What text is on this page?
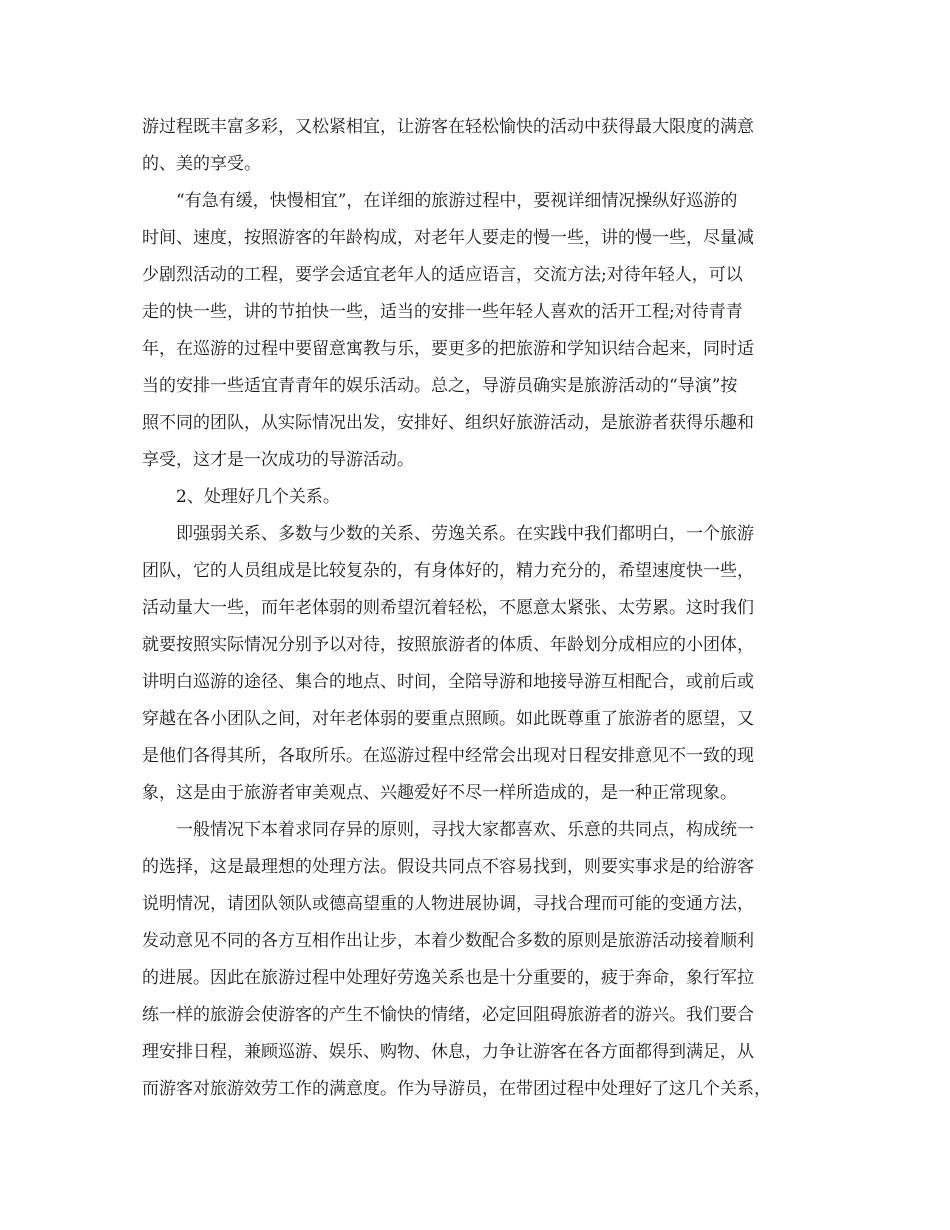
游过程既丰富多彩，又松紧相宜，让游客在轻松愉快的活动中获得最大限度的满意
的、美的享受。
“有急有缓，快慢相宜”，在详细的旅游过程中，要视详细情况操纵好巡游的
时间、速度，按照游客的年龄构成，对老年人要走的慢一些，讲的慢一些，尽量减
少剧烈活动的工程，要学会适宜老年人的适应语言，交流方法;对待年轻人，可以
走的快一些，讲的节拍快一些，适当的安排一些年轻人喜欢的活开工程;对待青青
年，在巡游的过程中要留意寓教与乐，要更多的把旅游和学知识结合起来，同时适
当的安排一些适宜青青年的娱乐活动。总之，导游员确实是旅游活动的“导演”按
照不同的团队，从实际情况出发，安排好、组织好旅游活动，是旅游者获得乐趣和
享受，这才是一次成功的导游活动。
2、处理好几个关系。
即强弱关系、多数与少数的关系、劳逸关系。在实践中我们都明白，一个旅游
团队，它的人员组成是比较复杂的，有身体好的，精力充分的，希望速度快一些，
活动量大一些，而年老体弱的则希望沉着轻松，不愿意太紧张、太劳累。这时我们
就要按照实际情况分别予以对待，按照旅游者的体质、年龄划分成相应的小团体，
讲明白巡游的途径、集合的地点、时间，全陪导游和地接导游互相配合，或前后或
穿越在各小团队之间，对年老体弱的要重点照顾。如此既尊重了旅游者的愿望，又
是他们各得其所，各取所乐。在巡游过程中经常会出现对日程安排意见不一致的现
象，这是由于旅游者审美观点、兴趣爱好不尽一样所造成的，是一种正常现象。
一般情况下本着求同存异的原则，寻找大家都喜欢、乐意的共同点，构成统一
的选择，这是最理想的处理方法。假设共同点不容易找到，则要实事求是的给游客
说明情况，请团队领队或德高望重的人物进展协调，寻找合理而可能的变通方法，
发动意见不同的各方互相作出让步，本着少数配合多数的原则是旅游活动接着顺利
的进展。因此在旅游过程中处理好劳逸关系也是十分重要的，疲于奔命，象行军拉
练一样的旅游会使游客的产生不愉快的情绪，必定回阻碍旅游者的游兴。我们要合
理安排日程，兼顾巡游、娱乐、购物、休息，力争让游客在各方面都得到满足，从
而游客对旅游效劳工作的满意度。作为导游员，在带团过程中处理好了这几个关系，
